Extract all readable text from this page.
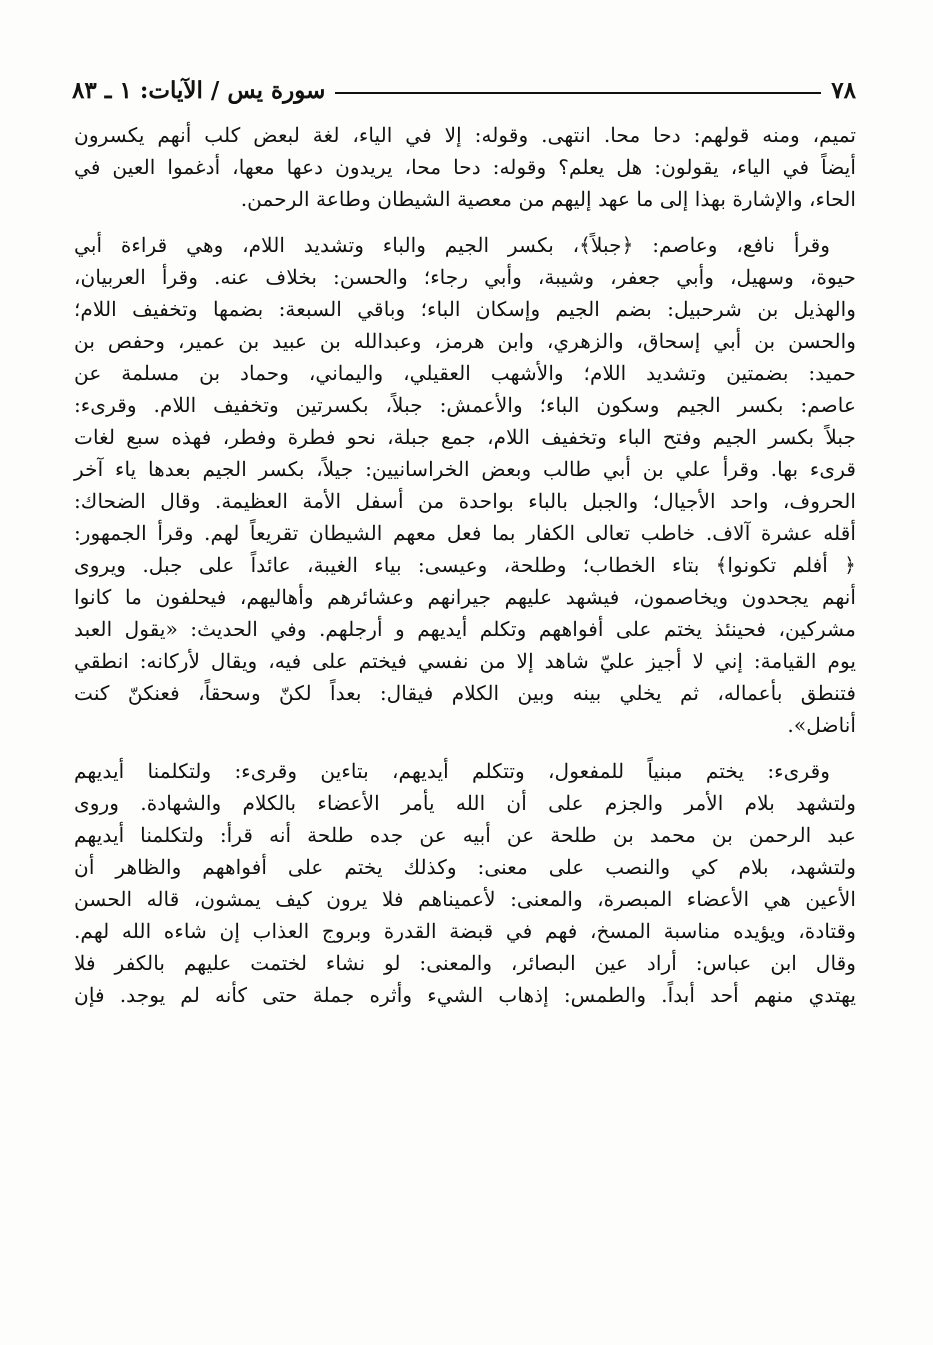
٧٨
سورة يس / الآيات: ١ ـ ٨٣

تميم، ومنه قولهم: دحا محا. انتهى. وقوله: إلا في الياء، لغة لبعض كلب أنهم يكسرون
أيضاً في الياء، يقولون: هل يعلم؟ وقوله: دحا محا، يريدون دعها معها، أدغموا العين في
الحاء، والإشارة بهذا إلى ما عهد إليهم من معصية الشيطان وطاعة الرحمن.

وقرأ نافع، وعاصم: ﴿جبلاً﴾، بكسر الجيم والباء وتشديد اللام، وهي قراءة أبي
حيوة، وسهيل، وأبي جعفر، وشيبة، وأبي رجاء؛ والحسن: بخلاف عنه. وقرأ العربيان،
والهذيل بن شرحبيل: بضم الجيم وإسكان الباء؛ وباقي السبعة: بضمها وتخفيف اللام؛
والحسن بن أبي إسحاق، والزهري، وابن هرمز، وعبدالله بن عبيد بن عمير، وحفص بن
حميد: بضمتين وتشديد اللام؛ والأشهب العقيلي، واليماني، وحماد بن مسلمة عن
عاصم: بكسر الجيم وسكون الباء؛ والأعمش: جبلاً، بكسرتين وتخفيف اللام. وقرىء:
جبلاً بكسر الجيم وفتح الباء وتخفيف اللام، جمع جبلة، نحو فطرة وفطر، فهذه سبع لغات
قرىء بها. وقرأ علي بن أبي طالب وبعض الخراسانيين: جيلاً، بكسر الجيم بعدها ياء آخر
الحروف، واحد الأجيال؛ والجبل بالباء بواحدة من أسفل الأمة العظيمة. وقال الضحاك:
أقله عشرة آلاف. خاطب تعالى الكفار بما فعل معهم الشيطان تقريعاً لهم. وقرأ الجمهور:
﴿ أفلم تكونوا﴾ بتاء الخطاب؛ وطلحة، وعيسى: بياء الغيبة، عائداً على جبل. ويروى
أنهم يجحدون ويخاصمون، فيشهد عليهم جيرانهم وعشائرهم وأهاليهم، فيحلفون ما كانوا
مشركين، فحينئذ يختم على أفواههم وتكلم أيديهم و أرجلهم. وفي الحديث: «يقول العبد
يوم القيامة: إني لا أجيز عليّ شاهد إلا من نفسي فيختم على فيه، ويقال لأركانه: انطقي
فتنطق بأعماله، ثم يخلي بينه وبين الكلام فيقال: بعداً لكنّ وسحقاً، فعنكنّ كنت
أناضل».

وقرىء: يختم مبنياً للمفعول، وتتكلم أيديهم، بتاءين وقرىء: ولتكلمنا أيديهم
ولتشهد بلام الأمر والجزم على أن الله يأمر الأعضاء بالكلام والشهادة. وروى
عبد الرحمن بن محمد بن طلحة عن أبيه عن جده طلحة أنه قرأ: ولتكلمنا أيديهم
ولتشهد، بلام كي والنصب على معنى: وكذلك يختم على أفواههم والظاهر أن
الأعين هي الأعضاء المبصرة، والمعنى: لأعميناهم فلا يرون كيف يمشون، قاله الحسن
وقتادة، ويؤيده مناسبة المسخ، فهم في قبضة القدرة وبروج العذاب إن شاءه الله لهم.
وقال ابن عباس: أراد عين البصائر، والمعنى: لو نشاء لختمت عليهم بالكفر فلا
يهتدي منهم أحد أبداً. والطمس: إذهاب الشيء وأثره جملة حتى كأنه لم يوجد. فإن
